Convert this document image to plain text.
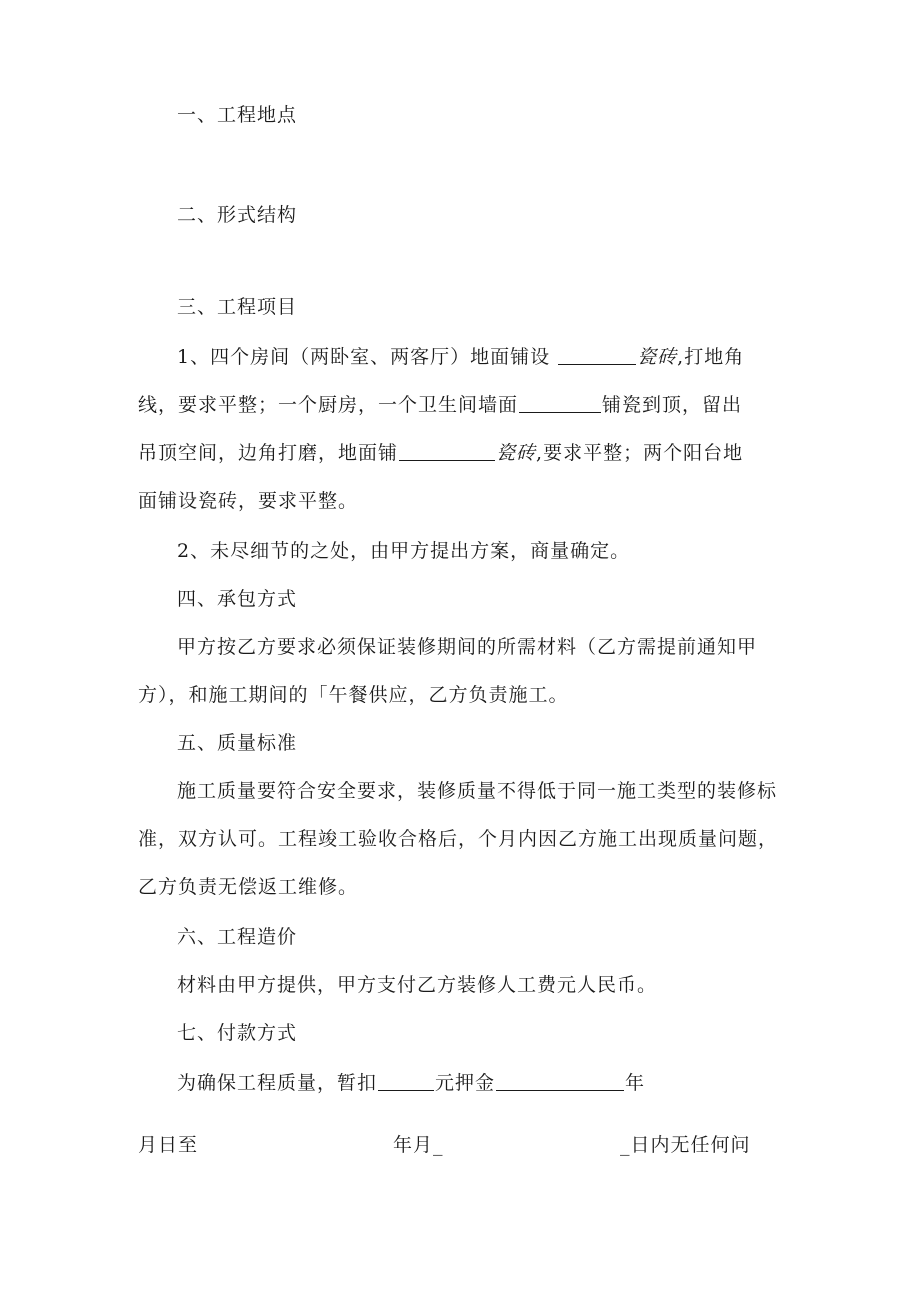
一、工程地点
二、形式结构
三、工程项目
1、四个房间（两卧室、两客厅）地面铺设	瓷砖,打地角
线，要求平整；一个厨房，一个卫生间墙面	铺瓷到顶，留出
吊顶空间，边角打磨，地面铺	瓷砖,要求平整；两个阳台地
面铺设瓷砖，要求平整。
2、未尽细节的之处，由甲方提出方案，商量确定。
四、承包方式
甲方按乙方要求必须保证装修期间的所需材料（乙方需提前通知甲
方），和施工期间的「午餐供应，乙方负责施工。
五、质量标准
施工质量要符合安全要求，装修质量不得低于同一施工类型的装修标
准，双方认可。工程竣工验收合格后，个月内因乙方施工出现质量问题，
乙方负责无偿返工维修。
六、工程造价
材料由甲方提供，甲方支付乙方装修人工费元人民币。
七、付款方式
为确保工程质量，暂扣	元押金	年
月日至	年月_	_日内无任何问
